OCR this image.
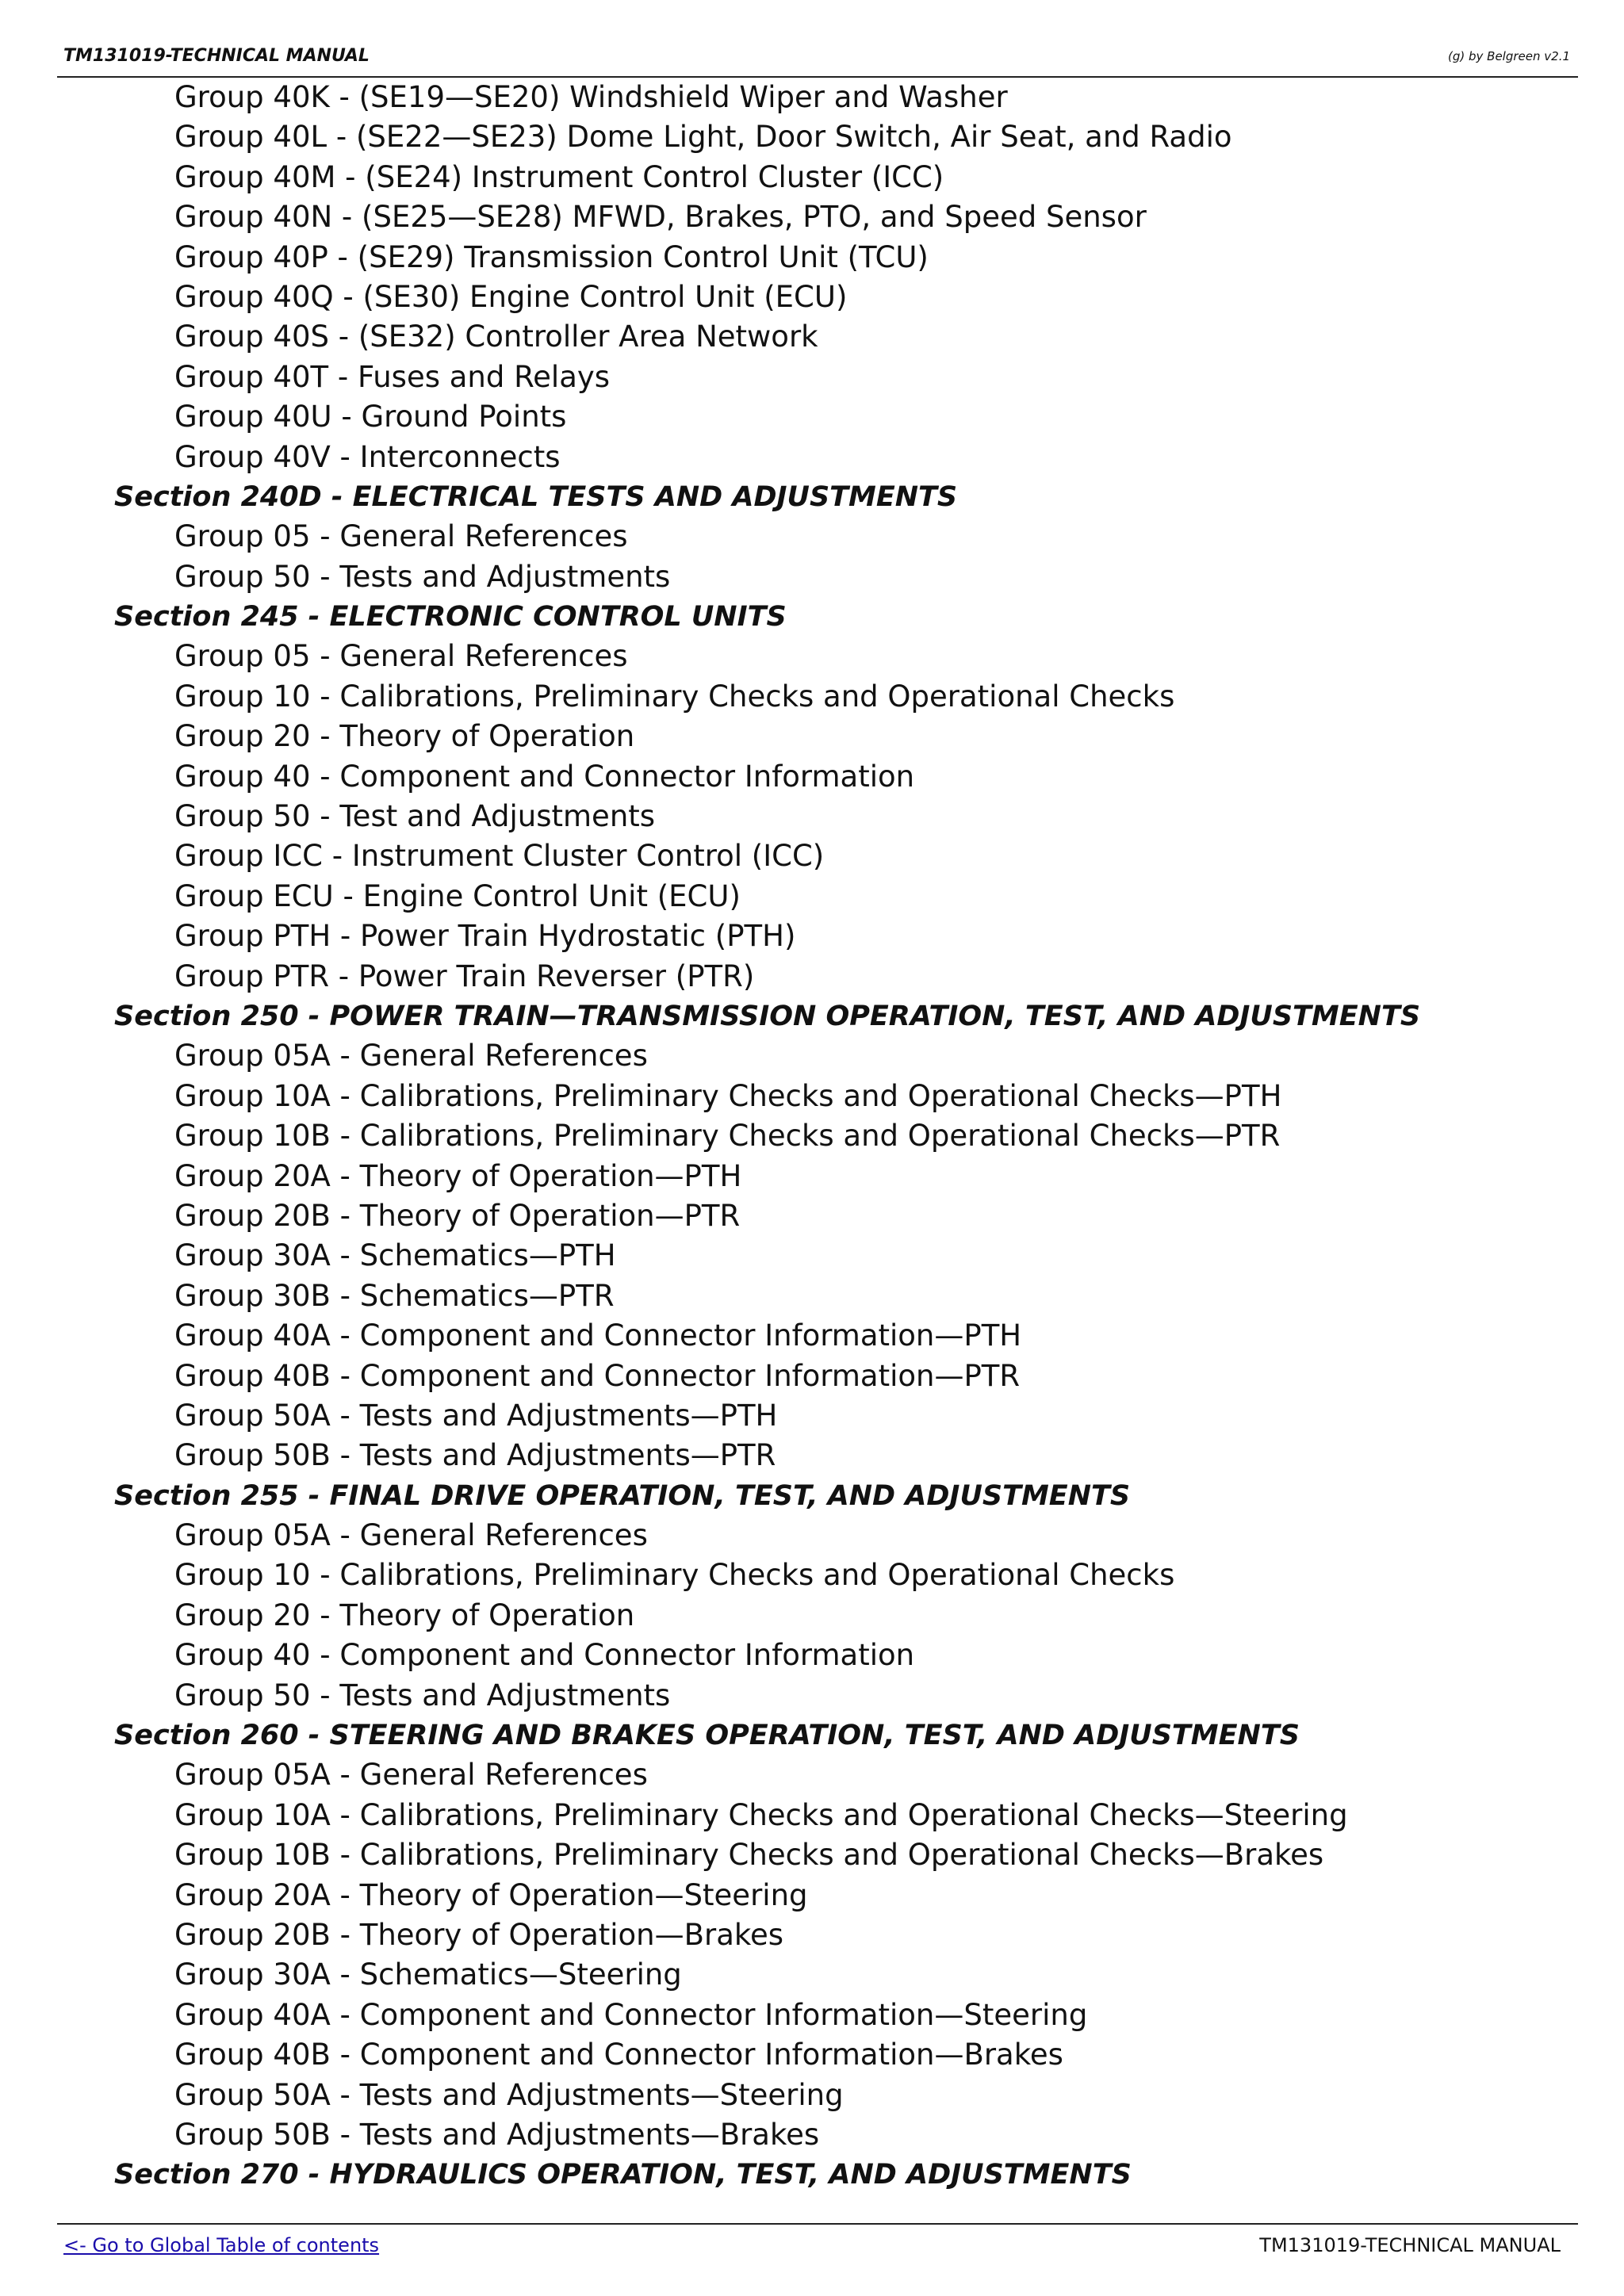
TM131019-TECHNICAL MANUAL	(g) by Belgreen v2.1
Group 40K - (SE19—SE20) Windshield Wiper and Washer
Group 40L - (SE22—SE23) Dome Light, Door Switch, Air Seat, and Radio
Group 40M - (SE24) Instrument Control Cluster (ICC)
Group 40N - (SE25—SE28) MFWD, Brakes, PTO, and Speed Sensor
Group 40P - (SE29) Transmission Control Unit (TCU)
Group 40Q - (SE30) Engine Control Unit (ECU)
Group 40S - (SE32) Controller Area Network
Group 40T - Fuses and Relays
Group 40U - Ground Points
Group 40V - Interconnects
Section 240D - ELECTRICAL TESTS AND ADJUSTMENTS
Group 05 - General References
Group 50 - Tests and Adjustments
Section 245 - ELECTRONIC CONTROL UNITS
Group 05 - General References
Group 10 - Calibrations, Preliminary Checks and Operational Checks
Group 20 - Theory of Operation
Group 40 - Component and Connector Information
Group 50 - Test and Adjustments
Group ICC - Instrument Cluster Control (ICC)
Group ECU - Engine Control Unit (ECU)
Group PTH - Power Train Hydrostatic (PTH)
Group PTR - Power Train Reverser (PTR)
Section 250 - POWER TRAIN—TRANSMISSION OPERATION, TEST, AND ADJUSTMENTS
Group 05A - General References
Group 10A - Calibrations, Preliminary Checks and Operational Checks—PTH
Group 10B - Calibrations, Preliminary Checks and Operational Checks—PTR
Group 20A - Theory of Operation—PTH
Group 20B - Theory of Operation—PTR
Group 30A - Schematics—PTH
Group 30B - Schematics—PTR
Group 40A - Component and Connector Information—PTH
Group 40B - Component and Connector Information—PTR
Group 50A - Tests and Adjustments—PTH
Group 50B - Tests and Adjustments—PTR
Section 255 - FINAL DRIVE OPERATION, TEST, AND ADJUSTMENTS
Group 05A - General References
Group 10 - Calibrations, Preliminary Checks and Operational Checks
Group 20 - Theory of Operation
Group 40 - Component and Connector Information
Group 50 - Tests and Adjustments
Section 260 - STEERING AND BRAKES OPERATION, TEST, AND ADJUSTMENTS
Group 05A - General References
Group 10A - Calibrations, Preliminary Checks and Operational Checks—Steering
Group 10B - Calibrations, Preliminary Checks and Operational Checks—Brakes
Group 20A - Theory of Operation—Steering
Group 20B - Theory of Operation—Brakes
Group 30A - Schematics—Steering
Group 40A - Component and Connector Information—Steering
Group 40B - Component and Connector Information—Brakes
Group 50A - Tests and Adjustments—Steering
Group 50B - Tests and Adjustments—Brakes
Section 270 - HYDRAULICS OPERATION, TEST, AND ADJUSTMENTS
<- Go to Global Table of contents	TM131019-TECHNICAL MANUAL
